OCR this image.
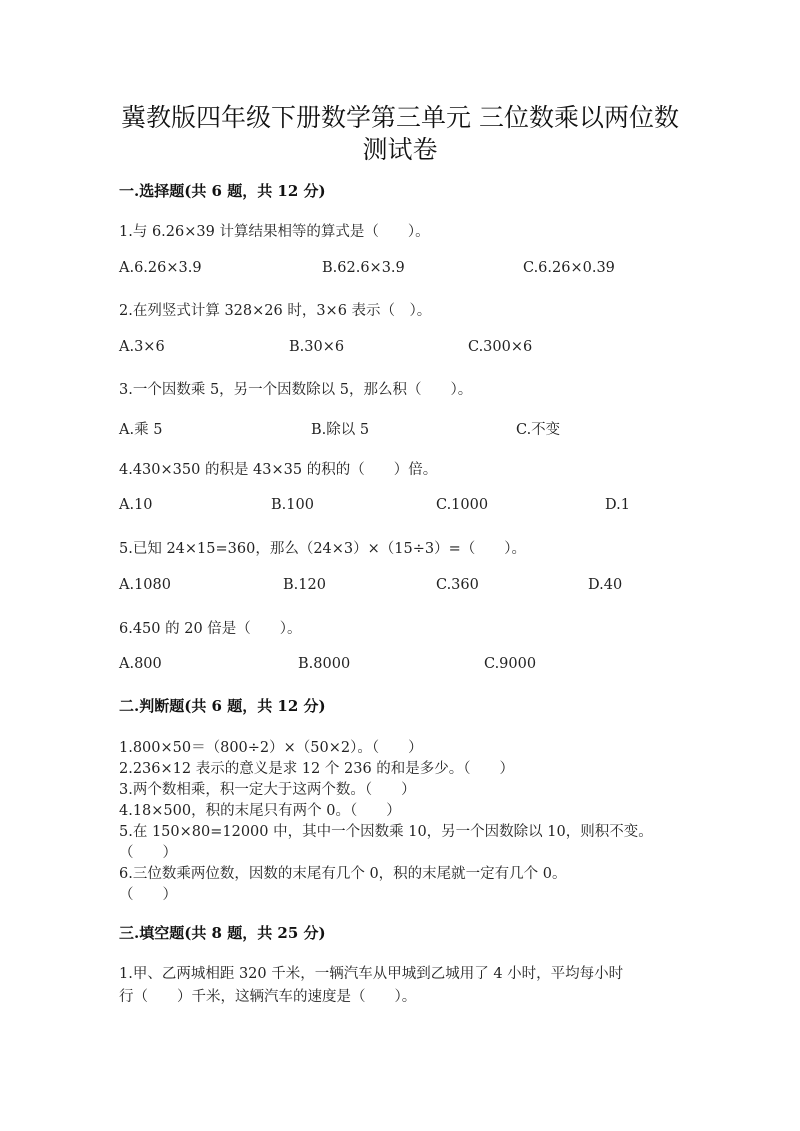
冀教版四年级下册数学第三单元 三位数乘以两位数
测试卷
一.选择题(共 6 题，共 12 分)
1.与 6.26×39 计算结果相等的算式是（　　）。
A.6.26×3.9	B.62.6×3.9	C.6.26×0.39
2.在列竖式计算 328×26 时，3×6 表示（　）。
A.3×6	B.30×6	C.300×6
3.一个因数乘 5，另一个因数除以 5，那么积（　　）。
A.乘 5	B.除以 5	C.不变
4.430×350 的积是 43×35 的积的（　　）倍。
A.10	B.100	C.1000	D.1
5.已知 24×15=360，那么（24×3）×（15÷3）=（　　）。
A.1080	B.120	C.360	D.40
6.450 的 20 倍是（　　）。
A.800	B.8000	C.9000
二.判断题(共 6 题，共 12 分)
1.800×50＝（800÷2）×（50×2）。（　　）
2.236×12 表示的意义是求 12 个 236 的和是多少。（　　）
3.两个数相乘，积一定大于这两个数。（　　）
4.18×500，积的末尾只有两个 0。（　　）
5.在 150×80=12000 中，其中一个因数乘 10，另一个因数除以 10，则积不变。
（　　）
6.三位数乘两位数，因数的末尾有几个 0，积的末尾就一定有几个 0。
（　　）
三.填空题(共 8 题，共 25 分)
1.甲、乙两城相距 320 千米，一辆汽车从甲城到乙城用了 4 小时，平均每小时
行（　　）千米，这辆汽车的速度是（　　）。
